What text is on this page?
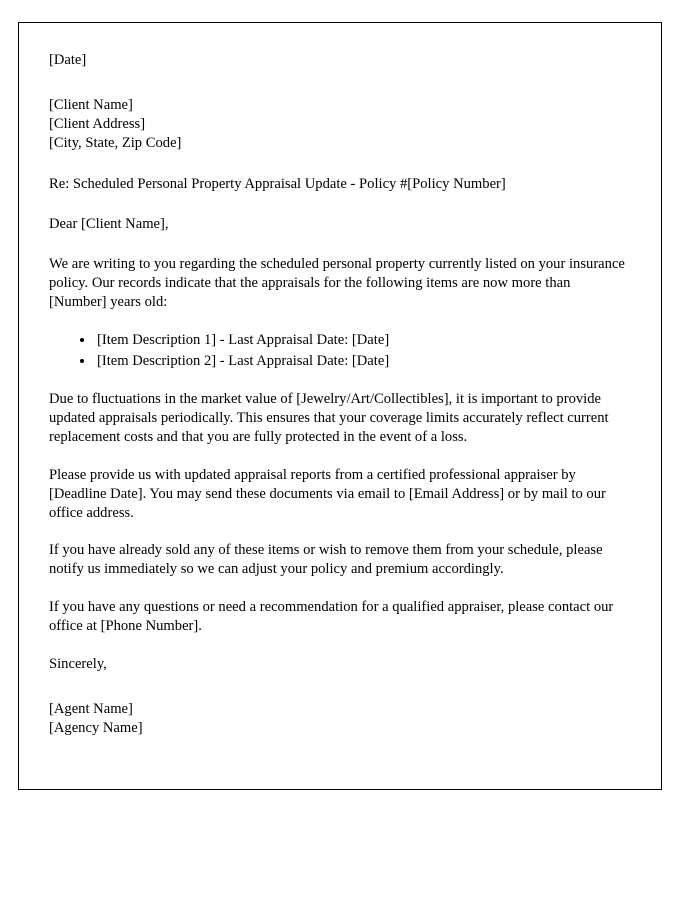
[Date]

[Client Name]

[Client Address]

[City, State, Zip Code]

Re: Scheduled Personal Property Appraisal Update - Policy #[Policy Number]

Dear [Client Name],

We are writing to you regarding the scheduled personal property currently listed on your insurance policy. Our records indicate that the appraisals for the following items are now more than [Number] years old:

• [Item Description 1] - Last Appraisal Date: [Date]
• [Item Description 2] - Last Appraisal Date: [Date]

Due to fluctuations in the market value of [Jewelry/Art/Collectibles], it is important to provide updated appraisals periodically. This ensures that your coverage limits accurately reflect current replacement costs and that you are fully protected in the event of a loss.

Please provide us with updated appraisal reports from a certified professional appraiser by [Deadline Date]. You may send these documents via email to [Email Address] or by mail to our office address.

If you have already sold any of these items or wish to remove them from your schedule, please notify us immediately so we can adjust your policy and premium accordingly.

If you have any questions or need a recommendation for a qualified appraiser, please contact our office at [Phone Number].

Sincerely,

[Agent Name]

[Agency Name]
